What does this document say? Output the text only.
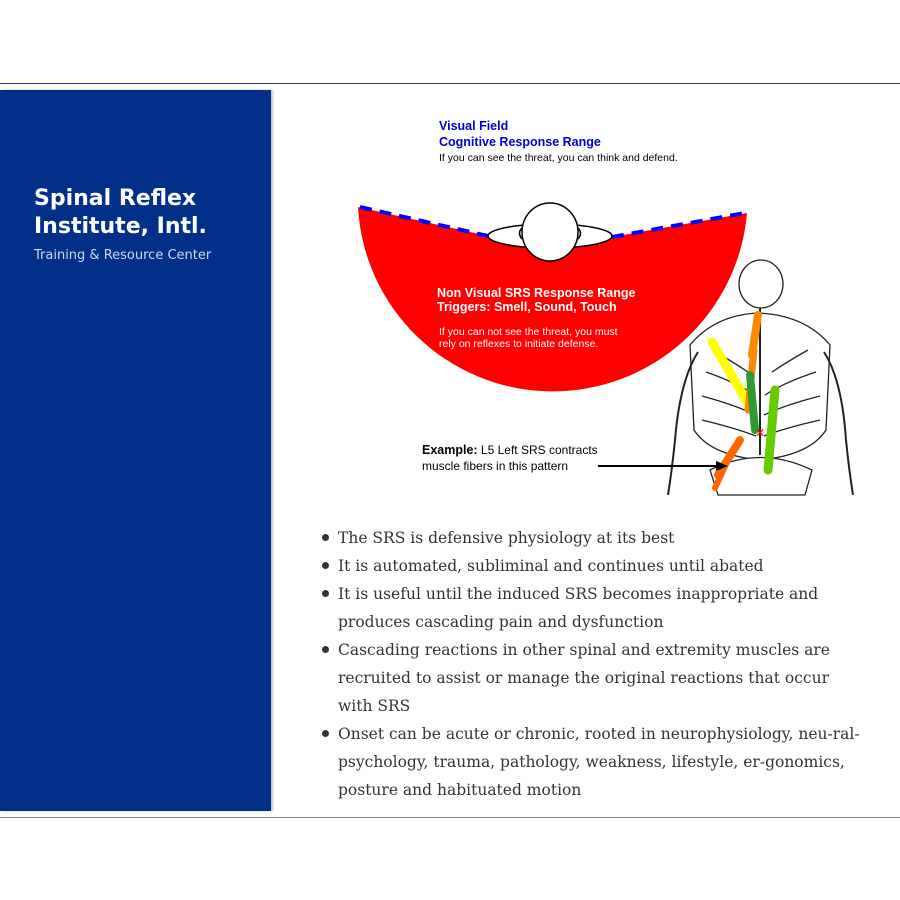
Spinal Reflex Institute, Intl.
Training & Resource Center
✕
Visual Field
Cognitive Response Range
If you can see the threat, you can think and defend.
Non Visual SRS Response Range
Triggers: Smell, Sound, Touch
If you can not see the threat, you must
rely on reflexes to initiate defense.
Example: L5 Left SRS contracts
muscle fibers in this pattern
The SRS is defensive physiology at its best
It is automated, subliminal and continues until abated
It is useful until the induced SRS becomes inappropriate and produces cascading pain and dysfunction
Cascading reactions in other spinal and extremity muscles are recruited to assist or manage the original reactions that occur with SRS
Onset can be acute or chronic, rooted in neurophysiology, neu-ral-psychology, trauma, pathology, weakness, lifestyle, er-gonomics, posture and habituated motion
